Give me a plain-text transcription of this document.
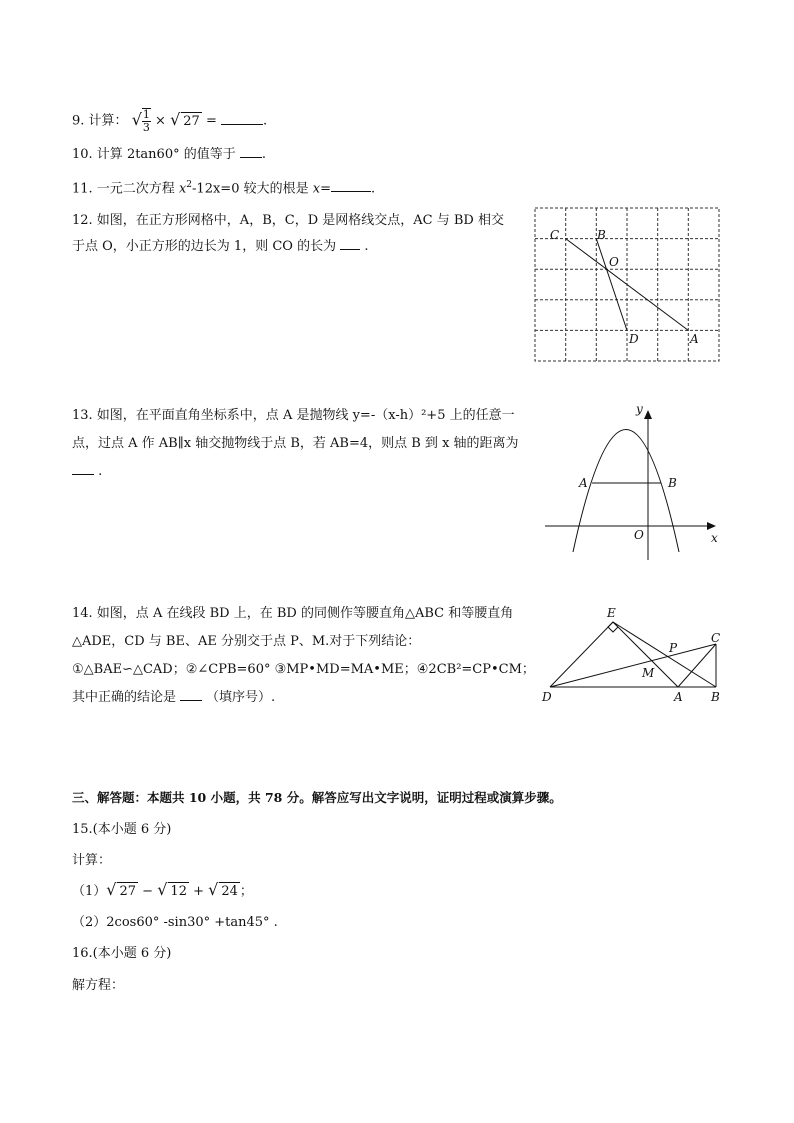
9. 计算： √ $\frac{1}{3}$ × √ 27 =	.
10. 计算 2tan60° 的值等于 .
11. 一元二次方程 $x^2-12x=0$ 较大的根是 x=	.
12. 如图，在正方形网格中，A，B，C，D 是网格线交点，AC 与 BD 相交
于点 O，小正方形的边长为 1，则 CO 的长为 .
C	B
O
D	A
13. 如图，在平面直角坐标系中，点 A 是抛物线 y=-（x-h）²+5 上的任意一
点，过点 A 作 AB∥x 轴交抛物线于点 B，若 AB=4，则点 B 到 x 轴的距离为
.
y
x
O
A	B
14. 如图，点 A 在线段 BD 上，在 BD 的同侧作等腰直角△ABC 和等腰直角
△ADE，CD 与 BE、AE 分别交于点 P、M.对于下列结论：
①△BAE∽△CAD；②∠CPB=60° ③MP•MD=MA•ME；④2CB²=CP•CM；
其中正确的结论是 （填序号）.
E
C
P
M
D	A B
三、解答题：本题共 10 小题，共 78 分。解答应写出文字说明，证明过程或演算步骤。
15.(本小题 6 分)
计算：
（1）√ 27 − √ 12 + √ 24 ；
（2）2cos60° -sin30° +tan45° .
16.(本小题 6 分)
解方程：
